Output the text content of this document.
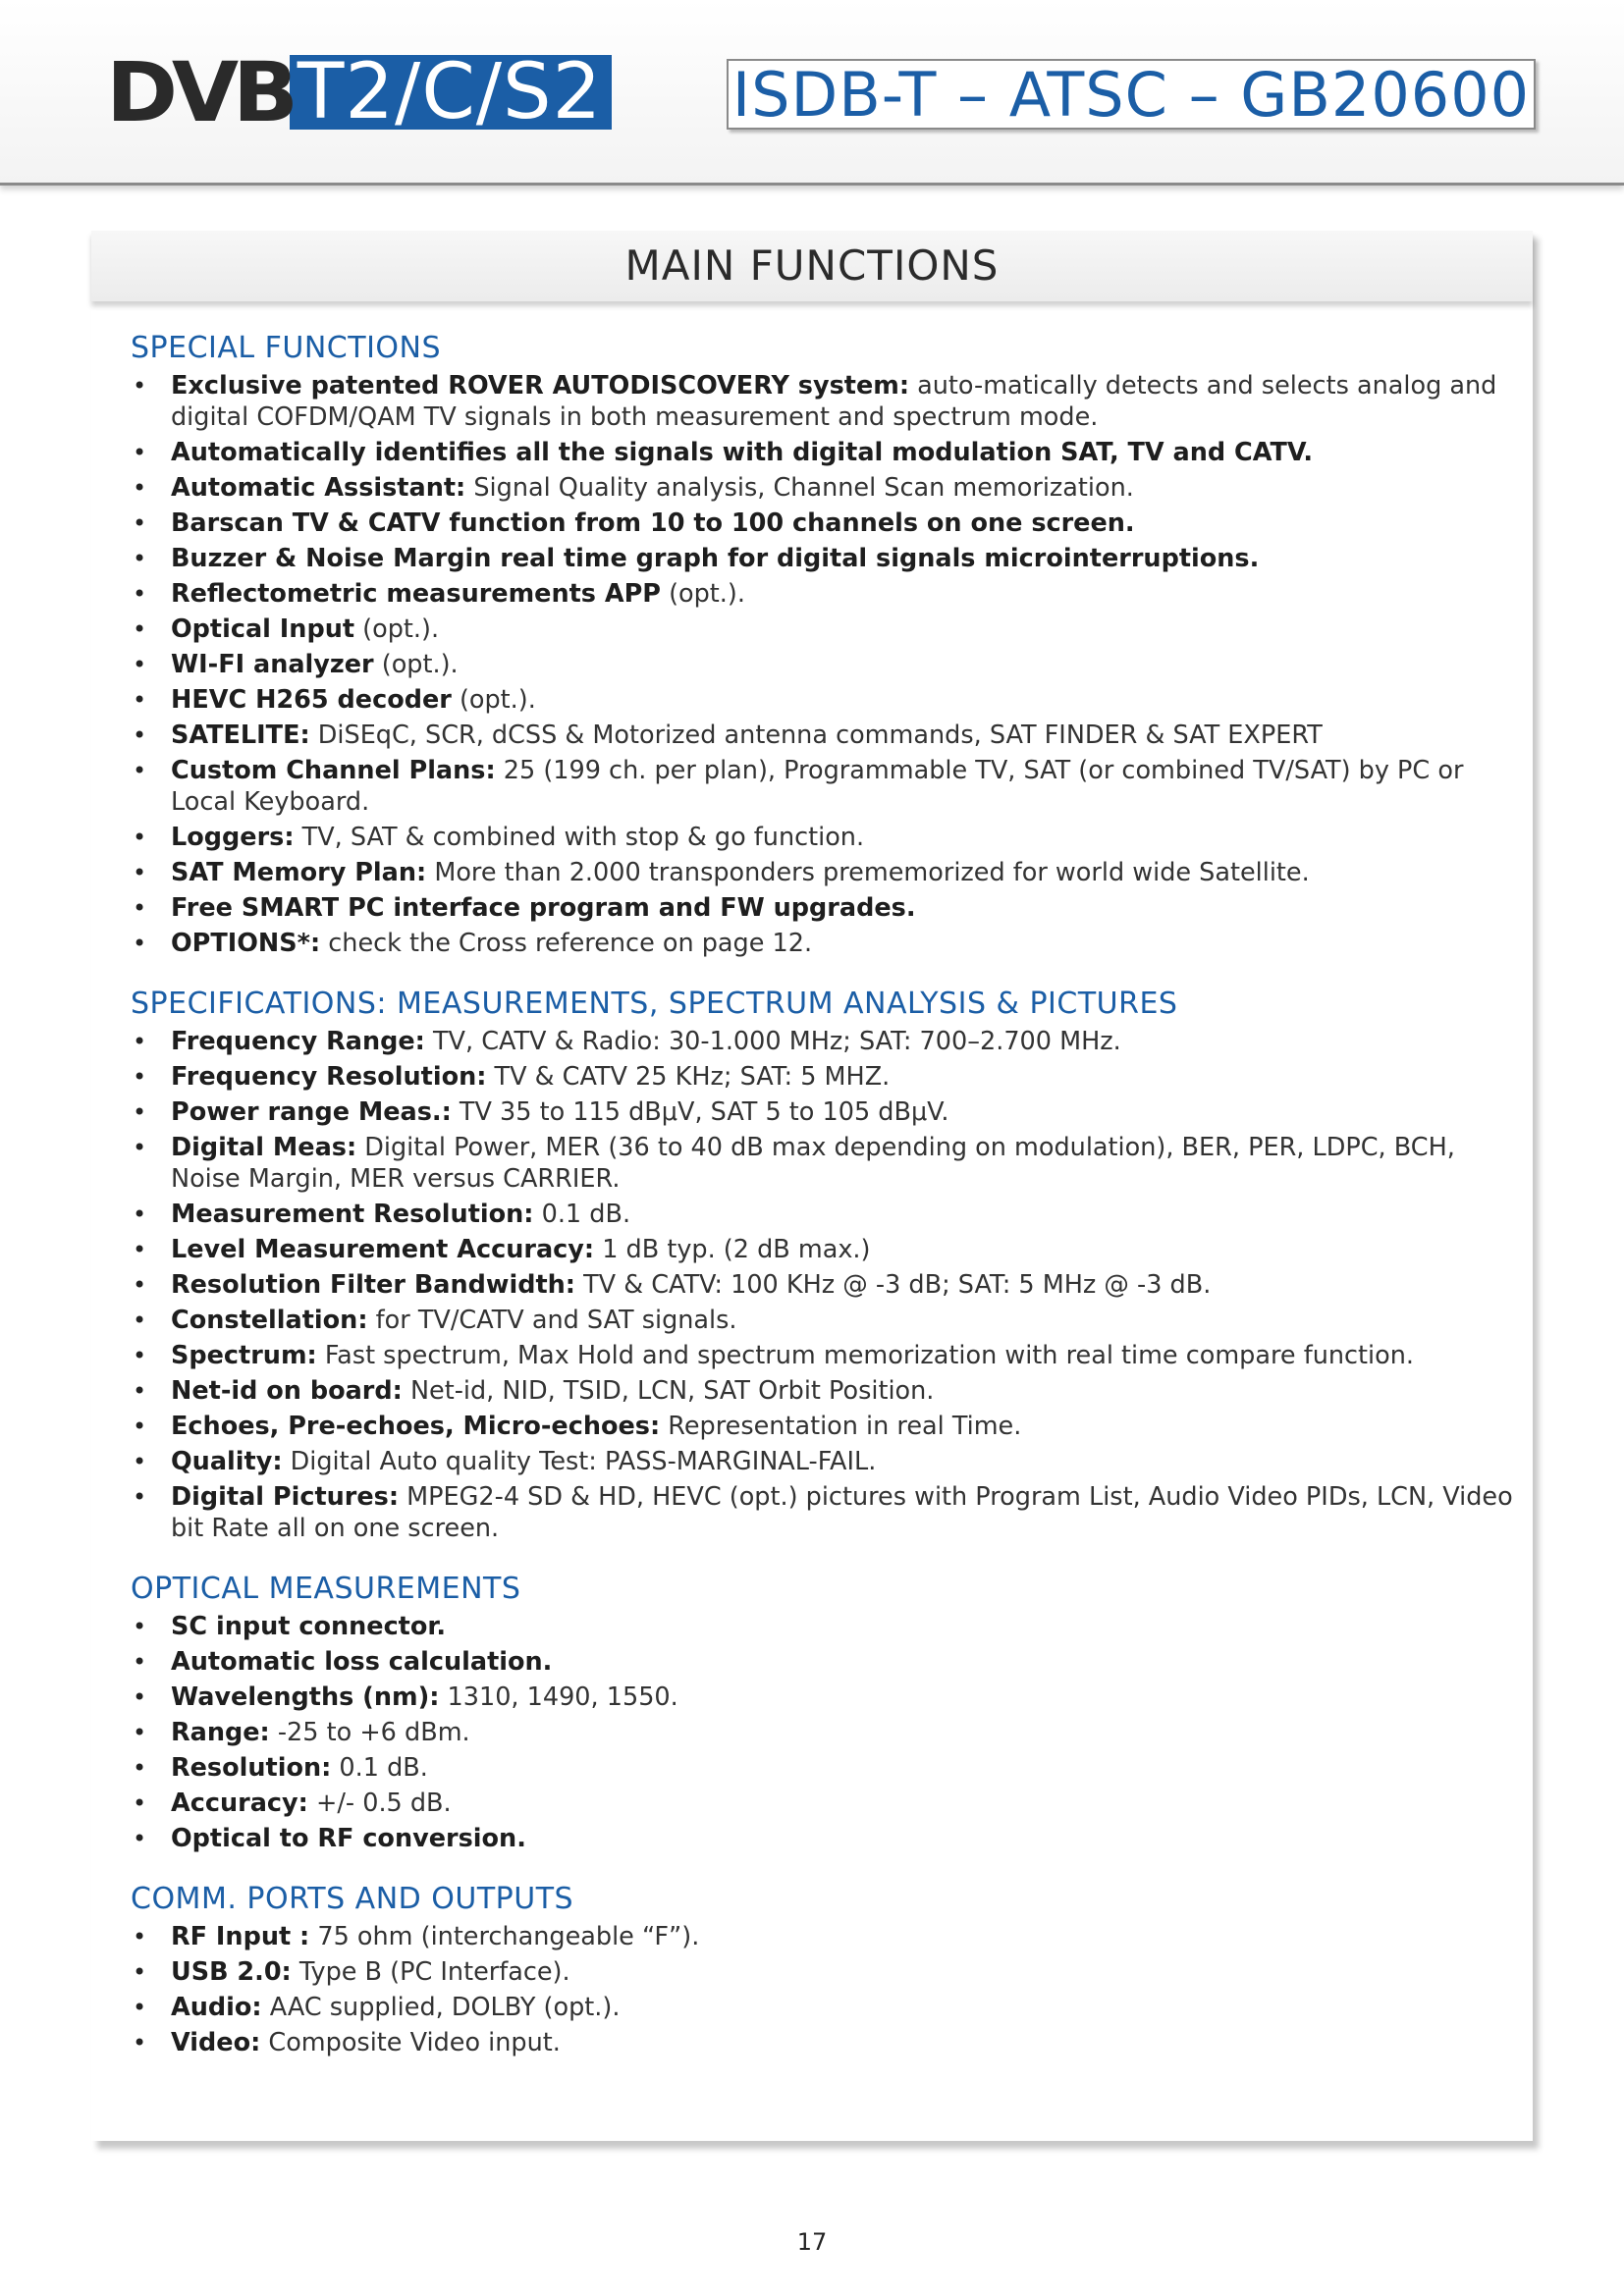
DVB T2/C/S2 ISDB-T – ATSC – GB20600
MAIN FUNCTIONS
SPECIAL FUNCTIONS
• Exclusive patented ROVER AUTODISCOVERY system: auto-matically detects and selects analog and digital COFDM/QAM TV signals in both measurement and spectrum mode.
• Automatically identifies all the signals with digital modulation SAT, TV and CATV.
• Automatic Assistant: Signal Quality analysis, Channel Scan memorization.
• Barscan TV & CATV function from 10 to 100 channels on one screen.
• Buzzer & Noise Margin real time graph for digital signals microinterruptions.
• Reflectometric measurements APP (opt.).
• Optical Input (opt.).
• WI-FI analyzer (opt.).
• HEVC H265 decoder (opt.).
• SATELITE: DiSEqC, SCR, dCSS & Motorized antenna commands, SAT FINDER & SAT EXPERT
• Custom Channel Plans: 25 (199 ch. per plan), Programmable TV, SAT (or combined TV/SAT) by PC or Local Keyboard.
• Loggers: TV, SAT & combined with stop & go function.
• SAT Memory Plan: More than 2.000 transponders prememorized for world wide Satellite.
• Free SMART PC interface program and FW upgrades.
• OPTIONS*: check the Cross reference on page 12.
SPECIFICATIONS: MEASUREMENTS, SPECTRUM ANALYSIS & PICTURES
• Frequency Range: TV, CATV & Radio: 30-1.000 MHz; SAT: 700–2.700 MHz.
• Frequency Resolution: TV & CATV 25 KHz; SAT: 5 MHZ.
• Power range Meas.: TV 35 to 115 dBμV, SAT 5 to 105 dBμV.
• Digital Meas: Digital Power, MER (36 to 40 dB max depending on modulation), BER, PER, LDPC, BCH, Noise Margin, MER versus CARRIER.
• Measurement Resolution: 0.1 dB.
• Level Measurement Accuracy: 1 dB typ. (2 dB max.)
• Resolution Filter Bandwidth: TV & CATV: 100 KHz @ -3 dB; SAT: 5 MHz @ -3 dB.
• Constellation: for TV/CATV and SAT signals.
• Spectrum: Fast spectrum, Max Hold and spectrum memorization with real time compare function.
• Net-id on board: Net-id, NID, TSID, LCN, SAT Orbit Position.
• Echoes, Pre-echoes, Micro-echoes: Representation in real Time.
• Quality: Digital Auto quality Test: PASS-MARGINAL-FAIL.
• Digital Pictures: MPEG2-4 SD & HD, HEVC (opt.) pictures with Program List, Audio Video PIDs, LCN, Video bit Rate all on one screen.
OPTICAL MEASUREMENTS
• SC input connector.
• Automatic loss calculation.
• Wavelengths (nm): 1310, 1490, 1550.
• Range: -25 to +6 dBm.
• Resolution: 0.1 dB.
• Accuracy: +/- 0.5 dB.
• Optical to RF conversion.
COMM. PORTS AND OUTPUTS
• RF Input : 75 ohm (interchangeable “F”).
• USB 2.0: Type B (PC Interface).
• Audio: AAC supplied, DOLBY (opt.).
• Video: Composite Video input.
17
